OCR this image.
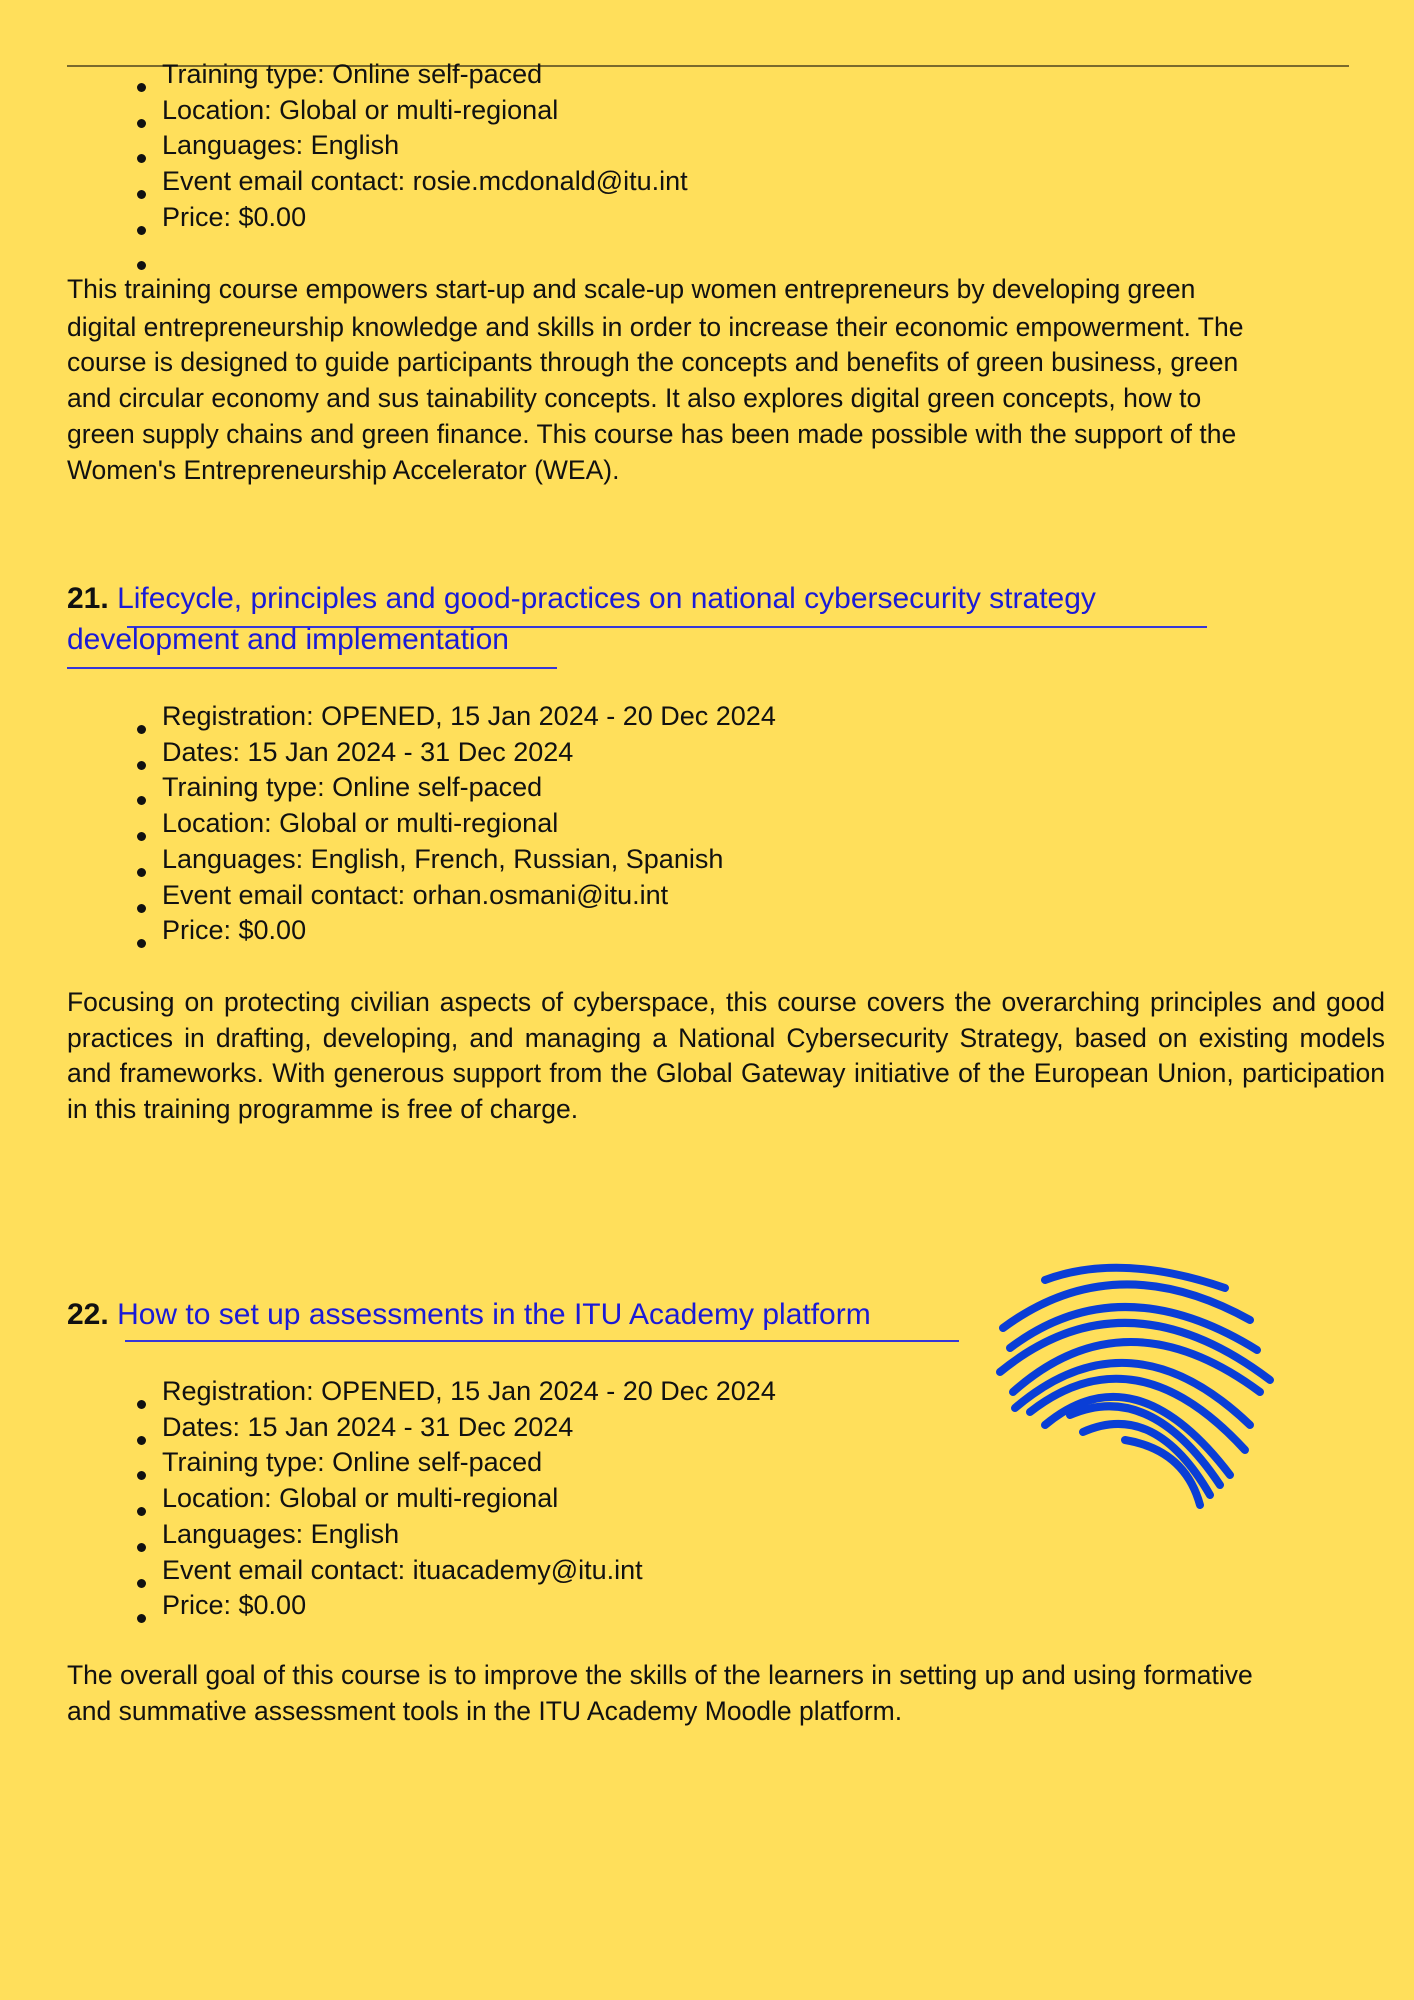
Training type: Online self-paced
Location: Global or multi-regional
Languages: English
Event email contact: rosie.mcdonald@itu.int
Price: $0.00
This training course empowers start-up and scale-up women entrepreneurs by developing green
digital entrepreneurship knowledge and skills in order to increase their economic empowerment. The
course is designed to guide participants through the concepts and benefits of green business, green
and circular economy and sus tainability concepts. It also explores digital green concepts, how to
green supply chains and green finance. This course has been made possible with the support of the
Women's Entrepreneurship Accelerator (WEA).
21. Lifecycle, principles and good-practices on national cybersecurity strategy
development and implementation
Registration: OPENED, 15 Jan 2024 - 20 Dec 2024
Dates: 15 Jan 2024 - 31 Dec 2024
Training type: Online self-paced
Location: Global or multi-regional
Languages: English, French, Russian, Spanish
Event email contact: orhan.osmani@itu.int
Price: $0.00

Focusing on protecting civilian aspects of cyberspace, this course covers the overarching principles and good practices in drafting, developing, and managing a National Cybersecurity Strategy, based on existing models and frameworks. With generous support from the Global Gateway initiative of the European Union, participation in this training programme is free of charge.

22. How to set up assessments in the ITU Academy platform
Registration: OPENED, 15 Jan 2024 - 20 Dec 2024
Dates: 15 Jan 2024 - 31 Dec 2024
Training type: Online self-paced
Location: Global or multi-regional
Languages: English
Event email contact: ituacademy@itu.int
Price: $0.00
The overall goal of this course is to improve the skills of the learners in setting up and using formative
and summative assessment tools in the ITU Academy Moodle platform.
